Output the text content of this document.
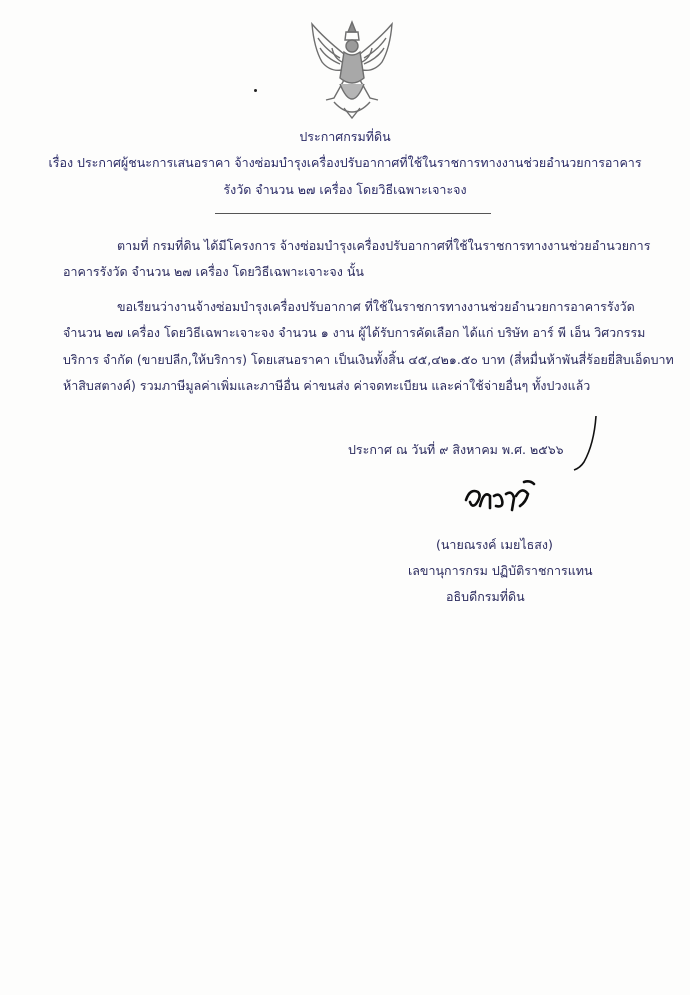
ประกาศกรมที่ดิน
เรื่อง ประกาศผู้ชนะการเสนอราคา จ้างซ่อมบำรุงเครื่องปรับอากาศที่ใช้ในราชการทางงานช่วยอำนวยการอาคาร
รังวัด จำนวน ๒๗ เครื่อง โดยวิธีเฉพาะเจาะจง
ตามที่ กรมที่ดิน ได้มีโครงการ จ้างซ่อมบำรุงเครื่องปรับอากาศที่ใช้ในราชการทางงานช่วยอำนวยการ
อาคารรังวัด จำนวน ๒๗ เครื่อง โดยวิธีเฉพาะเจาะจง นั้น
ขอเรียนว่างานจ้างซ่อมบำรุงเครื่องปรับอากาศ ที่ใช้ในราชการทางงานช่วยอำนวยการอาคารรังวัด
จำนวน ๒๗ เครื่อง โดยวิธีเฉพาะเจาะจง จำนวน ๑ งาน ผู้ได้รับการคัดเลือก ได้แก่ บริษัท อาร์ พี เอ็น วิศวกรรม
บริการ จำกัด (ขายปลีก,ให้บริการ) โดยเสนอราคา เป็นเงินทั้งสิ้น ๔๕,๔๒๑.๕๐ บาท (สี่หมื่นห้าพันสี่ร้อยยี่สิบเอ็ดบาท
ห้าสิบสตางค์) รวมภาษีมูลค่าเพิ่มและภาษีอื่น ค่าขนส่ง ค่าจดทะเบียน และค่าใช้จ่ายอื่นๆ ทั้งปวงแล้ว
ประกาศ ณ วันที่ ๙ สิงหาคม พ.ศ. ๒๕๖๖
(นายณรงค์ เมยไธสง)
เลขานุการกรม ปฏิบัติราชการแทน
อธิบดีกรมที่ดิน
